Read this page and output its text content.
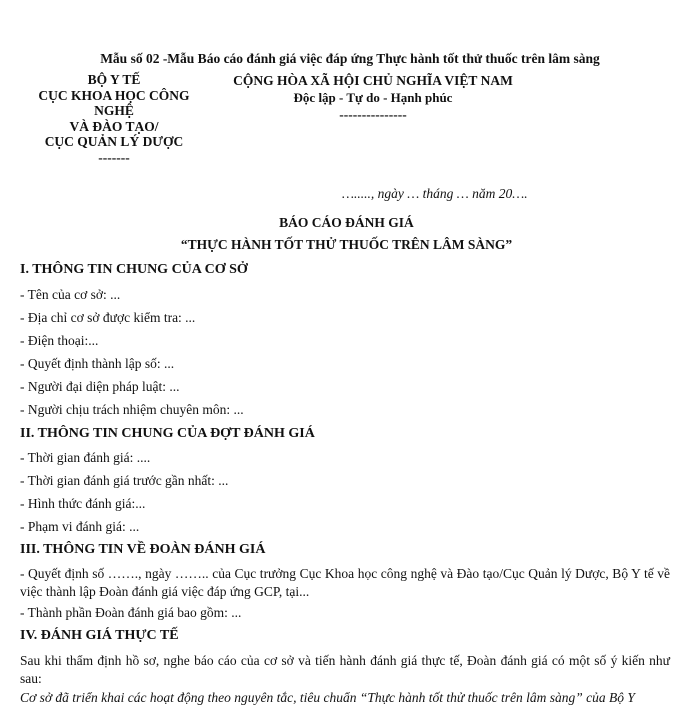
Mẫu số 02 -Mẫu Báo cáo đánh giá việc đáp ứng Thực hành tốt thử thuốc trên lâm sàng
BỘ Y TẾ
CỤC KHOA HỌC CÔNG NGHỆ
VÀ ĐÀO TẠO/
CỤC QUẢN LÝ DƯỢC
-------
CỘNG HÒA XÃ HỘI CHỦ NGHĨA VIỆT NAM
Độc lập - Tự do - Hạnh phúc
---------------
…....., ngày … tháng … năm 20….
BÁO CÁO ĐÁNH GIÁ
“THỰC HÀNH TỐT THỬ THUỐC TRÊN LÂM SÀNG”
I. THÔNG TIN CHUNG CỦA CƠ SỞ
- Tên của cơ sở: ...
- Địa chỉ cơ sở được kiểm tra: ...
- Điện thoại:...
- Quyết định thành lập số: ...
- Người đại diện pháp luật: ...
- Người chịu trách nhiệm chuyên môn: ...
II. THÔNG TIN CHUNG CỦA ĐỢT ĐÁNH GIÁ
- Thời gian đánh giá: ....
- Thời gian đánh giá trước gần nhất: ...
- Hình thức đánh giá:...
- Phạm vi đánh giá: ...
III. THÔNG TIN VỀ ĐOÀN ĐÁNH GIÁ
- Quyết định số ……., ngày …….. của Cục trưởng Cục Khoa học công nghệ và Đào tạo/Cục Quản lý Dược, Bộ Y tế về việc thành lập Đoàn đánh giá việc đáp ứng GCP, tại...
- Thành phần Đoàn đánh giá bao gồm: ...
IV. ĐÁNH GIÁ THỰC TẾ
Sau khi thẩm định hồ sơ, nghe báo cáo của cơ sở và tiến hành đánh giá thực tế, Đoàn đánh giá có một số ý kiến như sau:
Cơ sở đã triển khai các hoạt động theo nguyên tắc, tiêu chuẩn “Thực hành tốt thử thuốc trên lâm sàng” của Bộ Y
